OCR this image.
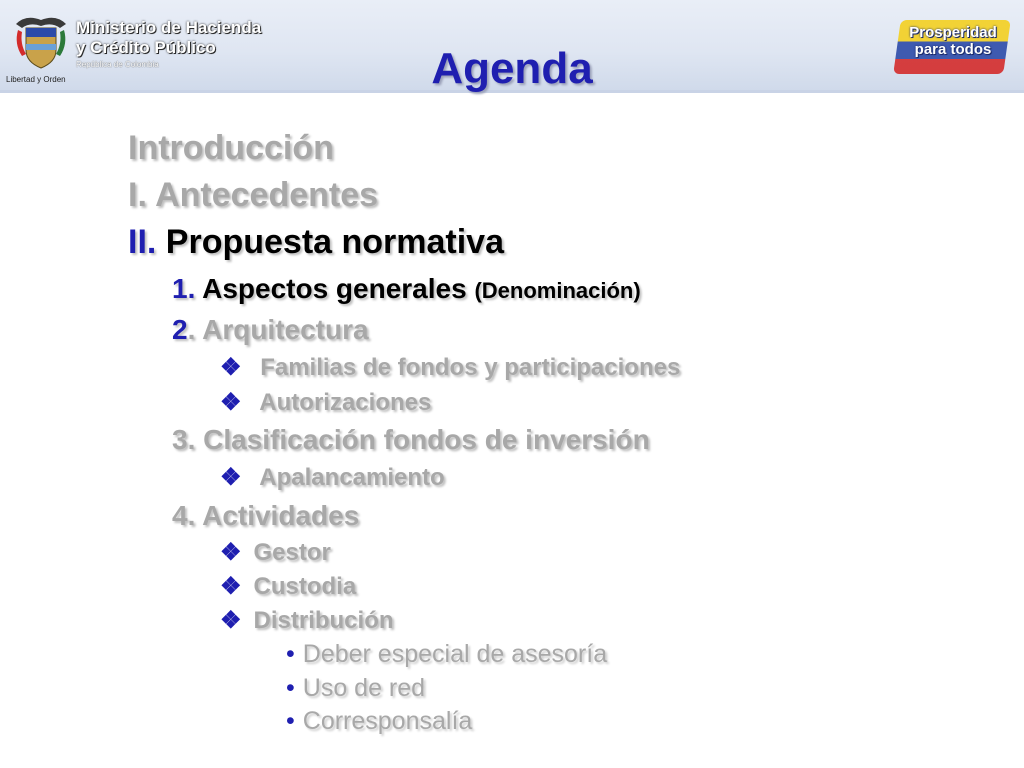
Libertad y Orden
Ministerio de Hacienda
y Crédito Público
República de Colombia
Prosperidad
para todos
Agenda
Introducción
I. Antecedentes
II. Propuesta normativa
1. Aspectos generales (Denominación)
2. Arquitectura
❖ Familias de fondos y participaciones
❖ Autorizaciones
3. Clasificación fondos de inversión
❖ Apalancamiento
4. Actividades
❖ Gestor
❖ Custodia
❖ Distribución
• Deber especial de asesoría
• Uso de red
• Corresponsalía
